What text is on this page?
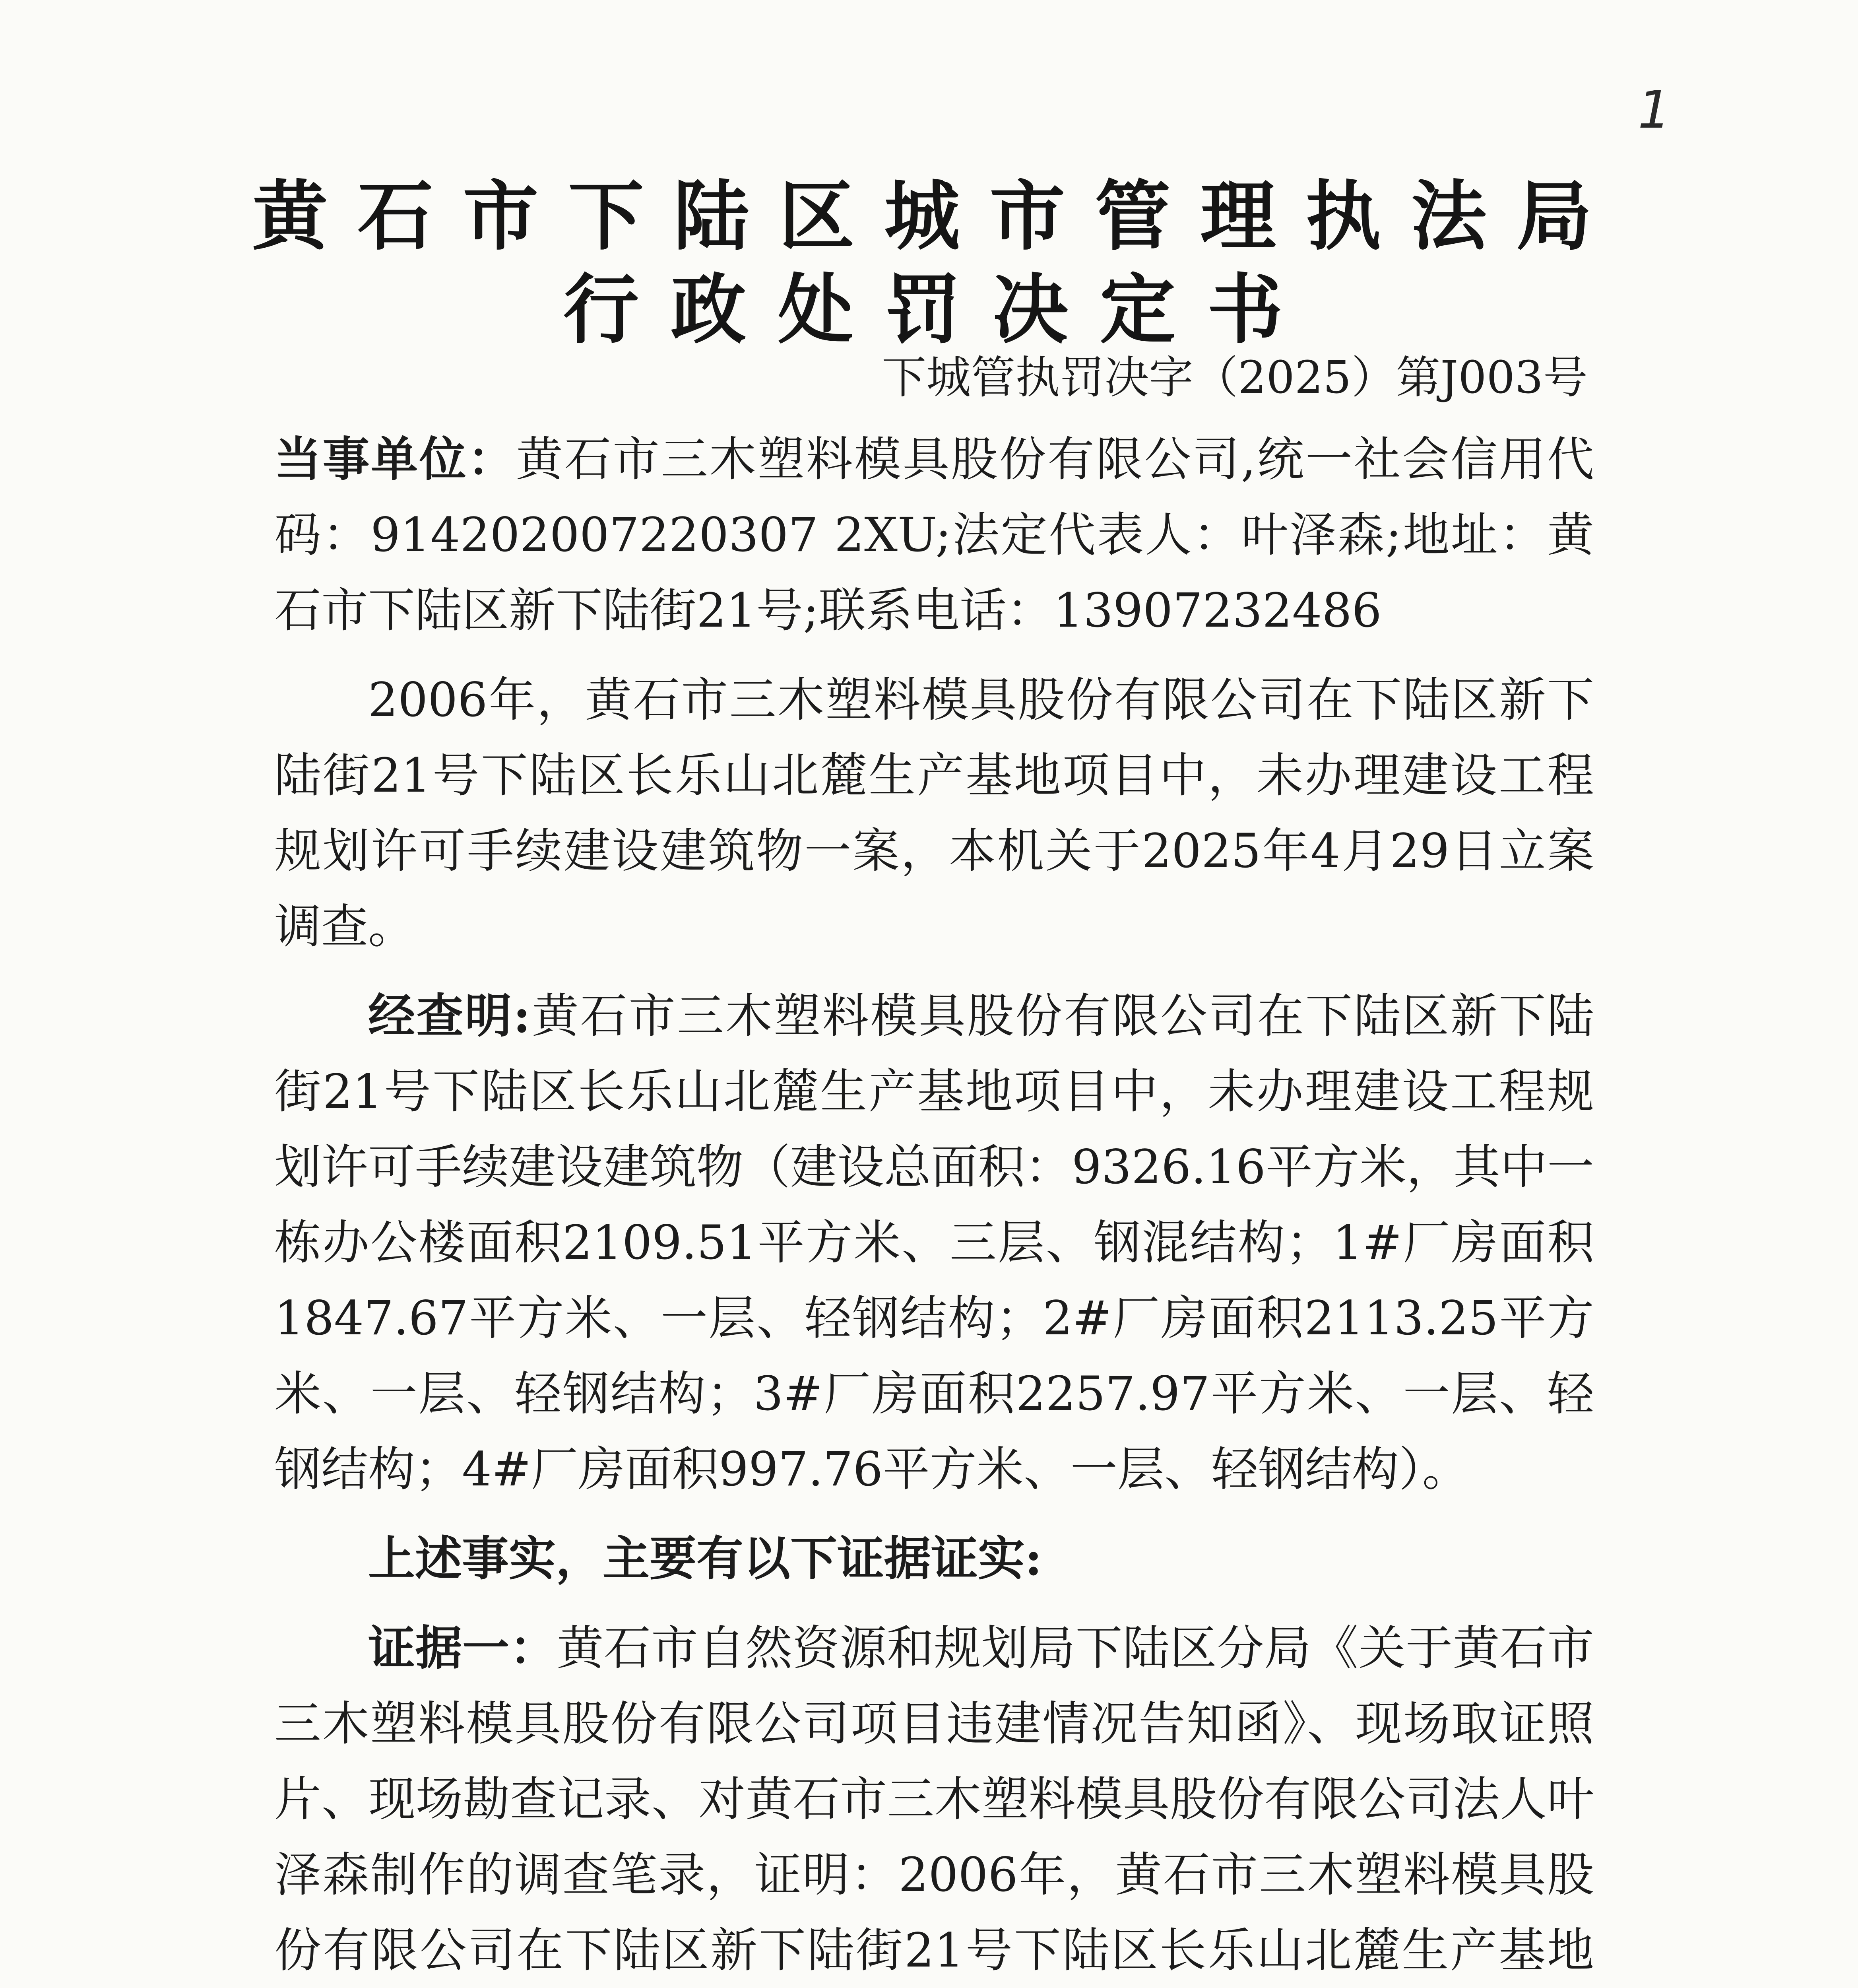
1
黄石市下陆区城市管理执法局
行政处罚决定书
下城管执罚决字（2025）第J003号

当事单位：黄石市三木塑料模具股份有限公司,统一社会信用代码：914202007220307 2XU;法定代表人：叶泽森;地址：黄石市下陆区新下陆街21号;联系电话：13907232486

2006年，黄石市三木塑料模具股份有限公司在下陆区新下陆街21号下陆区长乐山北麓生产基地项目中，未办理建设工程规划许可手续建设建筑物一案，本机关于2025年4月29日立案调查。

经查明:黄石市三木塑料模具股份有限公司在下陆区新下陆街21号下陆区长乐山北麓生产基地项目中，未办理建设工程规划许可手续建设建筑物（建设总面积：9326.16平方米，其中一栋办公楼面积2109.51平方米、三层、钢混结构；1#厂房面积1847.67平方米、一层、轻钢结构；2#厂房面积2113.25平方米、一层、轻钢结构；3#厂房面积2257.97平方米、一层、轻钢结构；4#厂房面积997.76平方米、一层、轻钢结构）。

上述事实，主要有以下证据证实:

证据一：黄石市自然资源和规划局下陆区分局《关于黄石市三木塑料模具股份有限公司项目违建情况告知函》、现场取证照片、现场勘查记录、对黄石市三木塑料模具股份有限公司法人叶泽森制作的调查笔录，证明：2006年，黄石市三木塑料模具股份有限公司在下陆区新下陆街21号下陆区长乐山北麓生产基地
